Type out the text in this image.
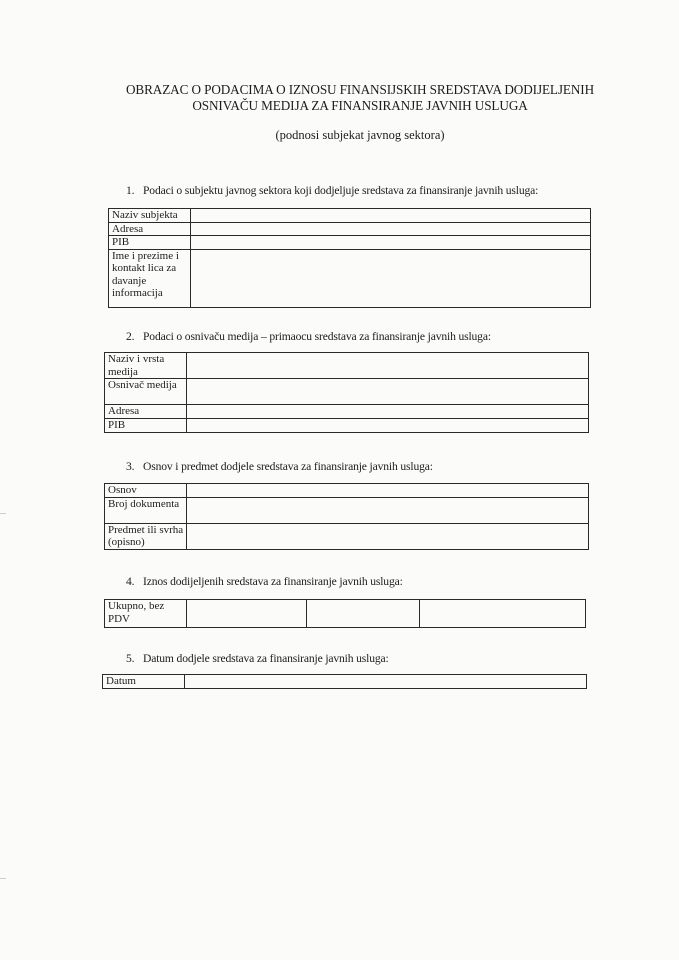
OBRAZAC O PODACIMA O IZNOSU FINANSIJSKIH SREDSTAVA DODIJELJENIH
OSNIVAČU MEDIJA ZA FINANSIRANJE JAVNIH USLUGA
(podnosi subjekat javnog sektora)
1. Podaci o subjektu javnog sektora koji dodjeljuje sredstava za finansiranje javnih usluga:
Naziv subjekta	
Adresa	
PIB	
Ime i prezime i kontakt lica za davanje informacija	
2. Podaci o osnivaču medija – primaocu sredstava za finansiranje javnih usluga:
Naziv i vrsta medija	
Osnivač medija	
Adresa	
PIB	
3. Osnov i predmet dodjele sredstava za finansiranje javnih usluga:
Osnov	
Broj dokumenta	
Predmet ili svrha (opisno)	
4. Iznos dodijeljenih sredstava za finansiranje javnih usluga:
Ukupno, bez PDV			
5. Datum dodjele sredstava za finansiranje javnih usluga:
Datum	
